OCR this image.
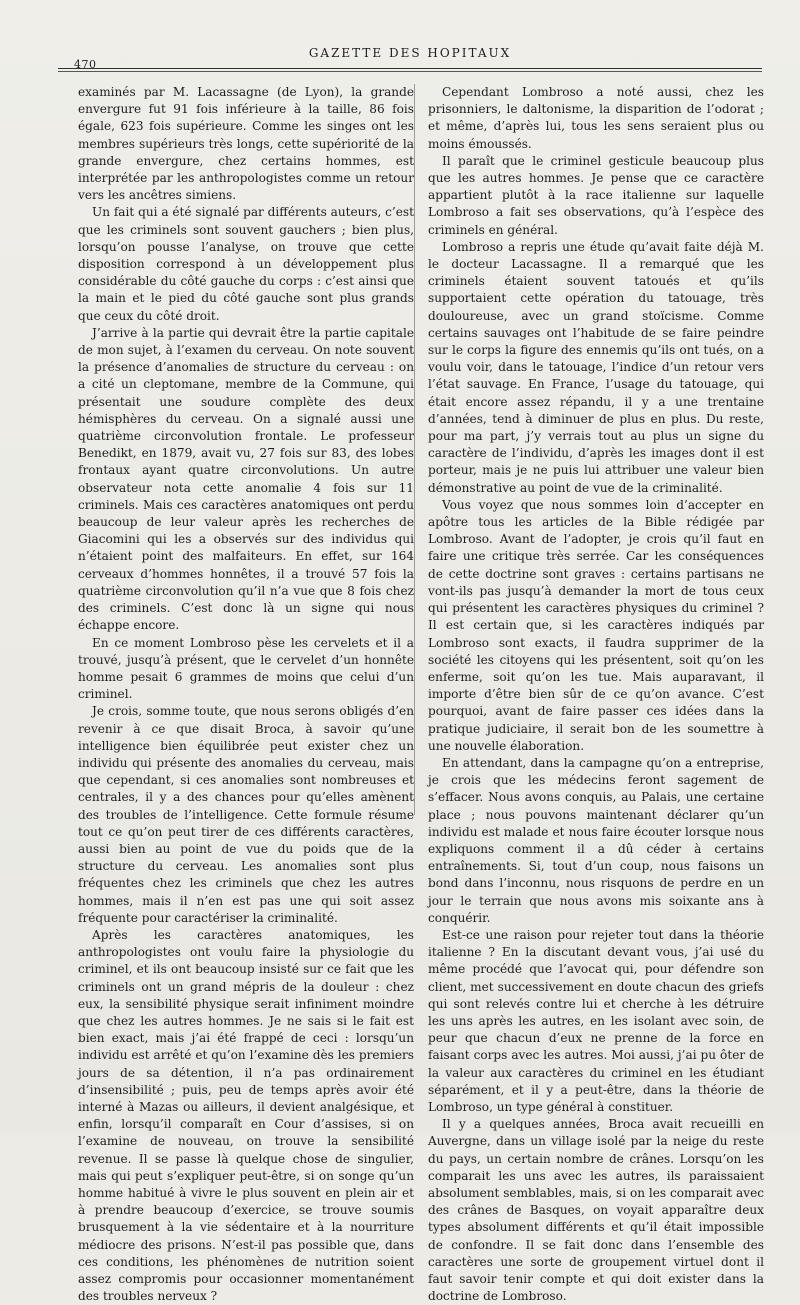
470
GAZETTE DES HOPITAUX

examinés par M. Lacassagne (de Lyon), la grande envergure fut 91 fois inférieure à la taille, 86 fois égale, 623 fois supérieure. Comme les singes ont les membres supérieurs très longs, cette supériorité de la grande envergure, chez certains hommes, est interprétée par les anthropologistes comme un retour vers les ancêtres simiens.

Un fait qui a été signalé par différents auteurs, c’est que les criminels sont souvent gauchers ; bien plus, lorsqu’on pousse l’analyse, on trouve que cette disposition correspond à un développement plus considérable du côté gauche du corps : c’est ainsi que la main et le pied du côté gauche sont plus grands que ceux du côté droit.

J’arrive à la partie qui devrait être la partie capitale de mon sujet, à l’examen du cerveau. On note souvent la présence d’anomalies de structure du cerveau : on a cité un cleptomane, membre de la Commune, qui présentait une soudure complète des deux hémisphères du cerveau. On a signalé aussi une quatrième circonvolution frontale. Le professeur Benedikt, en 1879, avait vu, 27 fois sur 83, des lobes frontaux ayant quatre circonvolutions. Un autre observateur nota cette anomalie 4 fois sur 11 criminels. Mais ces caractères anatomiques ont perdu beaucoup de leur valeur après les recherches de Giacomini qui les a observés sur des individus qui n’étaient point des malfaiteurs. En effet, sur 164 cerveaux d’hommes honnêtes, il a trouvé 57 fois la quatrième circonvolution qu’il n’a vue que 8 fois chez des criminels. C’est donc là un signe qui nous échappe encore.

En ce moment Lombroso pèse les cervelets et il a trouvé, jusqu’à présent, que le cervelet d’un honnête homme pesait 6 grammes de moins que celui d’un criminel.

Je crois, somme toute, que nous serons obligés d’en revenir à ce que disait Broca, à savoir qu’une intelligence bien équilibrée peut exister chez un individu qui présente des anomalies du cerveau, mais que cependant, si ces anomalies sont nombreuses et centrales, il y a des chances pour qu’elles amènent des troubles de l’intelligence. Cette formule résume tout ce qu’on peut tirer de ces différents caractères, aussi bien au point de vue du poids que de la structure du cerveau. Les anomalies sont plus fréquentes chez les criminels que chez les autres hommes, mais il n’en est pas une qui soit assez fréquente pour caractériser la criminalité.

Après les caractères anatomiques, les anthropologistes ont voulu faire la physiologie du criminel, et ils ont beaucoup insisté sur ce fait que les criminels ont un grand mépris de la douleur : chez eux, la sensibilité physique serait infiniment moindre que chez les autres hommes. Je ne sais si le fait est bien exact, mais j’ai été frappé de ceci : lorsqu’un individu est arrêté et qu’on l’examine dès les premiers jours de sa détention, il n’a pas ordinairement d’insensibilité ; puis, peu de temps après avoir été interné à Mazas ou ailleurs, il devient analgésique, et enfin, lorsqu’il comparaît en Cour d’assises, si on l’examine de nouveau, on trouve la sensibilité revenue. Il se passe là quelque chose de singulier, mais qui peut s’expliquer peut-être, si on songe qu’un homme habitué à vivre le plus souvent en plein air et à prendre beaucoup d’exercice, se trouve soumis brusquement à la vie sédentaire et à la nourriture médiocre des prisons. N’est-il pas possible que, dans ces conditions, les phénomènes de nutrition soient assez compromis pour occasionner momentanément des troubles nerveux ?

Cependant Lombroso a noté aussi, chez les prisonniers, le daltonisme, la disparition de l’odorat ; et même, d’après lui, tous les sens seraient plus ou moins émoussés.

Il paraît que le criminel gesticule beaucoup plus que les autres hommes. Je pense que ce caractère appartient plutôt à la race italienne sur laquelle Lombroso a fait ses observations, qu’à l’espèce des criminels en général.

Lombroso a repris une étude qu’avait faite déjà M. le docteur Lacassagne. Il a remarqué que les criminels étaient souvent tatoués et qu’ils supportaient cette opération du tatouage, très douloureuse, avec un grand stoïcisme. Comme certains sauvages ont l’habitude de se faire peindre sur le corps la figure des ennemis qu’ils ont tués, on a voulu voir, dans le tatouage, l’indice d’un retour vers l’état sauvage. En France, l’usage du tatouage, qui était encore assez répandu, il y a une trentaine d’années, tend à diminuer de plus en plus. Du reste, pour ma part, j’y verrais tout au plus un signe du caractère de l’individu, d’après les images dont il est porteur, mais je ne puis lui attribuer une valeur bien démonstrative au point de vue de la criminalité.

Vous voyez que nous sommes loin d’accepter en apôtre tous les articles de la Bible rédigée par Lombroso. Avant de l’adopter, je crois qu’il faut en faire une critique très serrée. Car les conséquences de cette doctrine sont graves : certains partisans ne vont-ils pas jusqu’à demander la mort de tous ceux qui présentent les caractères physiques du criminel ? Il est certain que, si les caractères indiqués par Lombroso sont exacts, il faudra supprimer de la société les citoyens qui les présentent, soit qu’on les enferme, soit qu’on les tue. Mais auparavant, il importe d’être bien sûr de ce qu’on avance. C’est pourquoi, avant de faire passer ces idées dans la pratique judiciaire, il serait bon de les soumettre à une nouvelle élaboration.

En attendant, dans la campagne qu’on a entreprise, je crois que les médecins feront sagement de s’effacer. Nous avons conquis, au Palais, une certaine place ; nous pouvons maintenant déclarer qu’un individu est malade et nous faire écouter lorsque nous expliquons comment il a dû céder à certains entraînements. Si, tout d’un coup, nous faisons un bond dans l’inconnu, nous risquons de perdre en un jour le terrain que nous avons mis soixante ans à conquérir.

Est-ce une raison pour rejeter tout dans la théorie italienne ? En la discutant devant vous, j’ai usé du même procédé que l’avocat qui, pour défendre son client, met successivement en doute chacun des griefs qui sont relevés contre lui et cherche à les détruire les uns après les autres, en les isolant avec soin, de peur que chacun d’eux ne prenne de la force en faisant corps avec les autres. Moi aussi, j’ai pu ôter de la valeur aux caractères du criminel en les étudiant séparément, et il y a peut-être, dans la théorie de Lombroso, un type général à constituer.

Il y a quelques années, Broca avait recueilli en Auvergne, dans un village isolé par la neige du reste du pays, un certain nombre de crânes. Lorsqu’on les comparait les uns avec les autres, ils paraissaient absolument semblables, mais, si on les comparait avec des crânes de Basques, on voyait apparaître deux types absolument différents et qu’il était impossible de confondre. Il se fait donc dans l’ensemble des caractères une sorte de groupement virtuel dont il faut savoir tenir compte et qui doit exister dans la doctrine de Lombroso.
